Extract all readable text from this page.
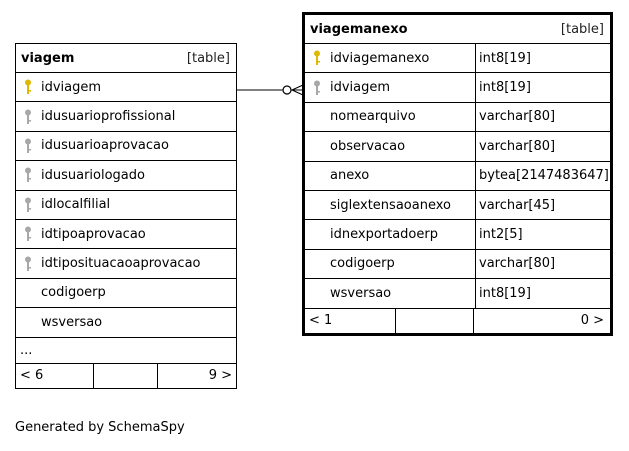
viagem	[table]
idviagem
idusuarioprofissional
idusuarioaprovacao
idusuariologado
idlocalfilial
idtipoaprovacao
idtiposituacaoaprovacao
codigoerp
wsversao
...
< 6	9 >
viagemanexo	[table]
idviagemanexo	int8[19]
idviagem	int8[19]
nomearquivo	varchar[80]
observacao	varchar[80]
anexo	bytea[2147483647]
siglextensaoanexo	varchar[45]
idnexportadoerp	int2[5]
codigoerp	varchar[80]
wsversao	int8[19]
< 1	0 >
Generated by SchemaSpy
